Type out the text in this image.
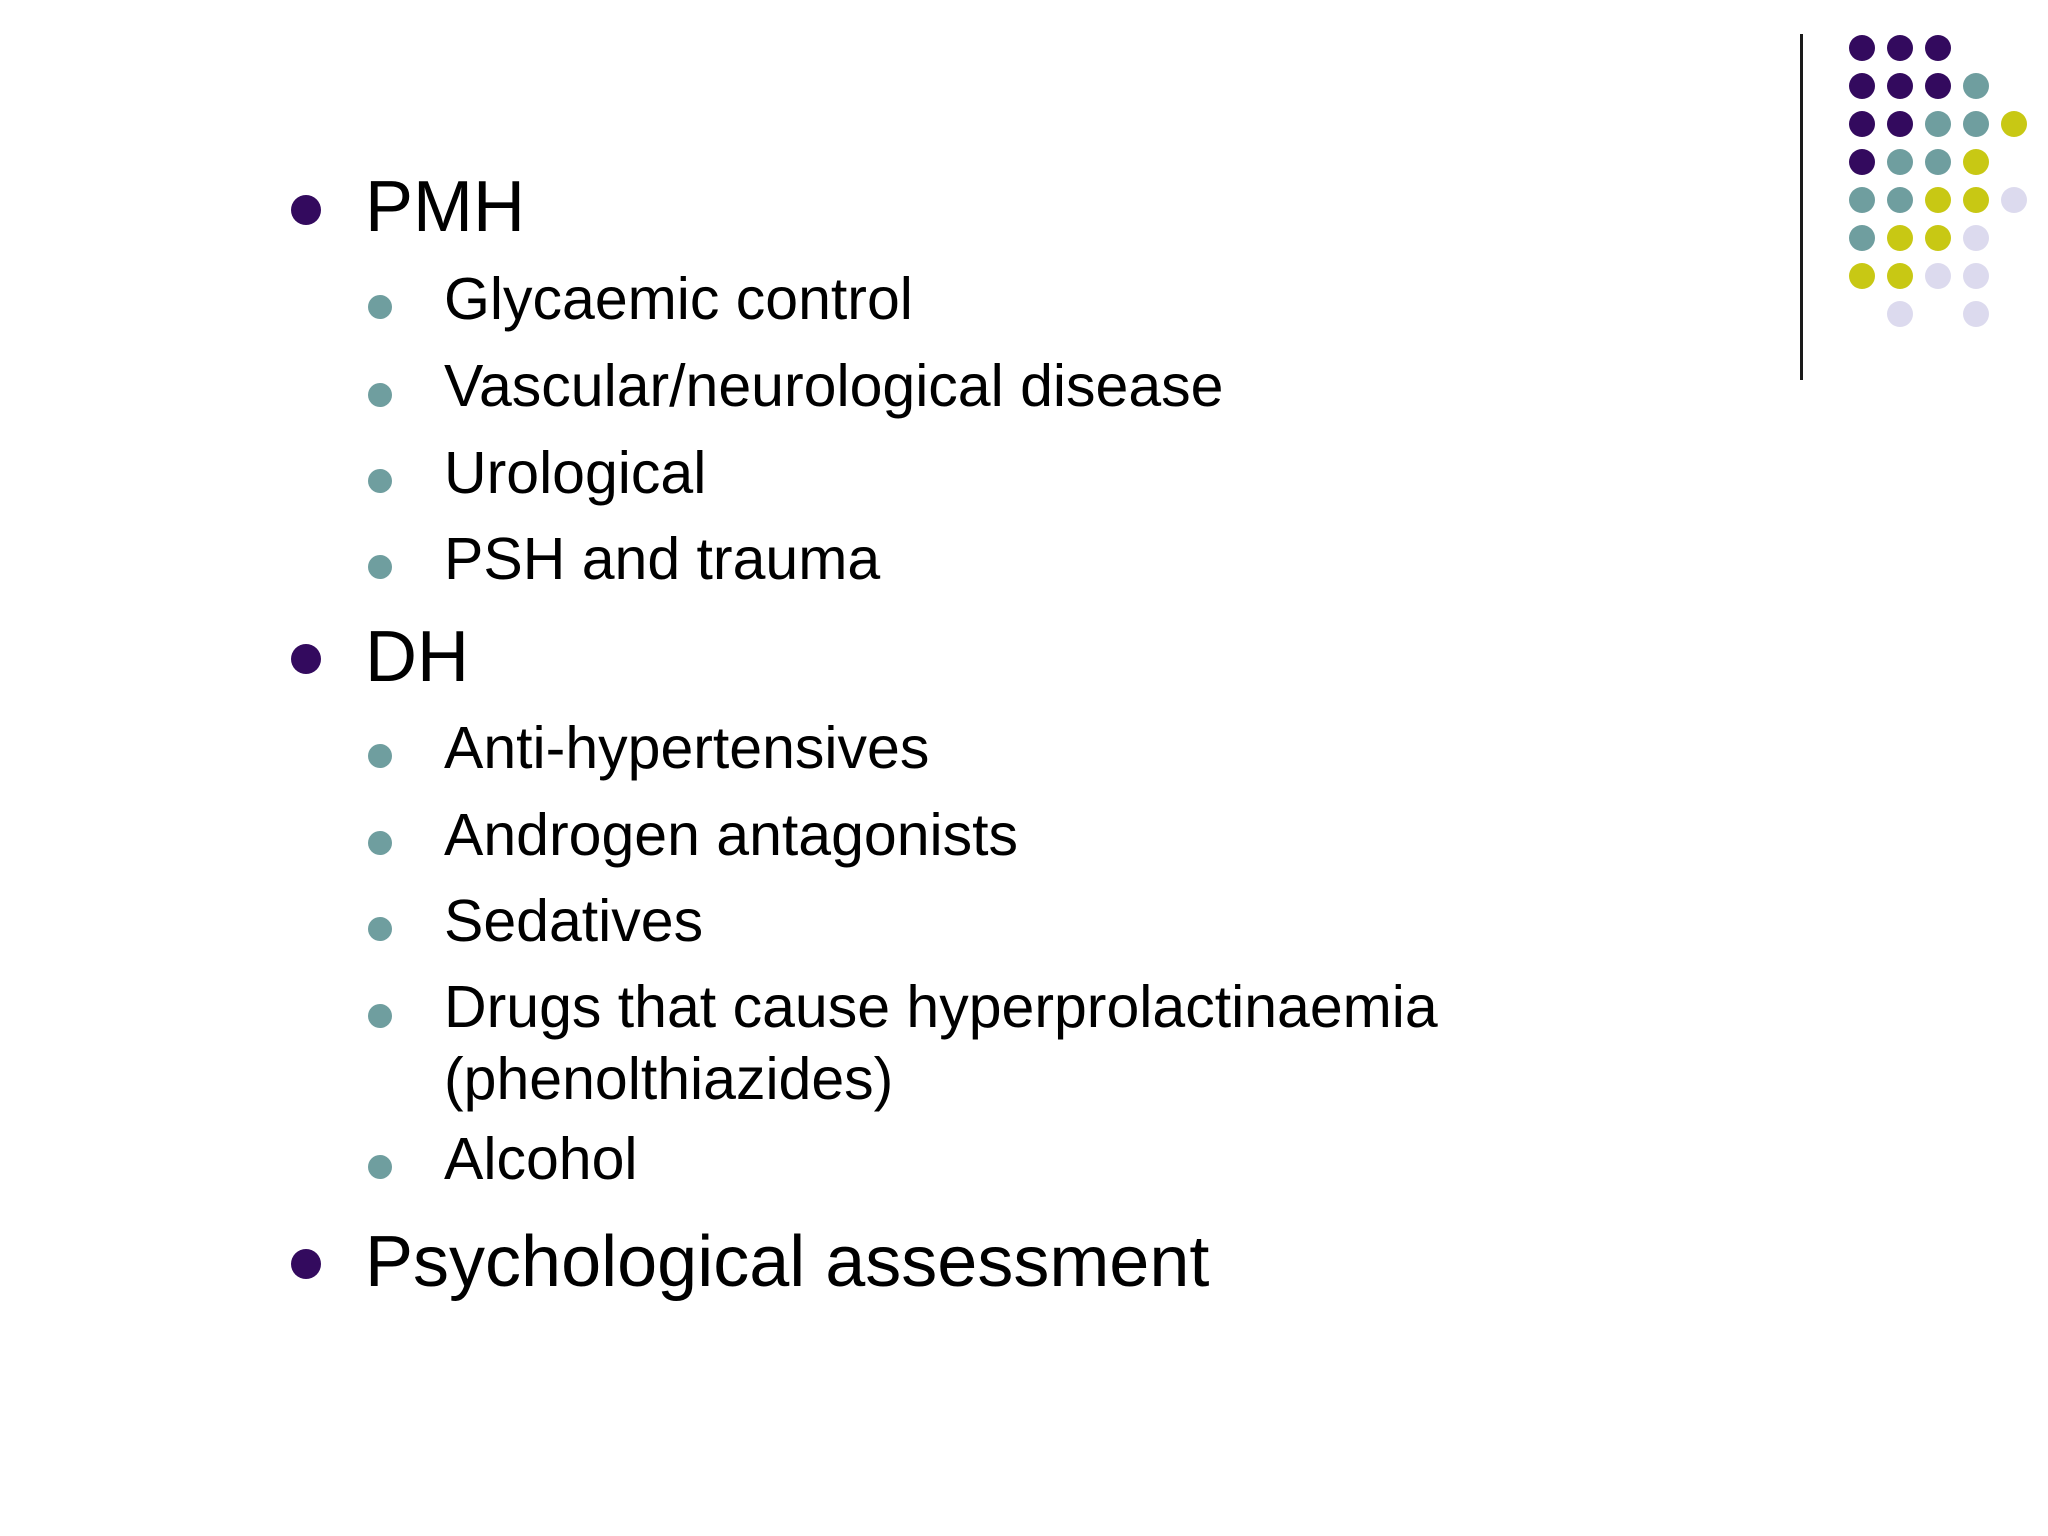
PMH
Glycaemic control
Vascular/neurological disease
Urological
PSH and trauma
DH
Anti-hypertensives
Androgen antagonists
Sedatives
Drugs that cause hyperprolactinaemia
(phenolthiazides)
Alcohol
Psychological assessment
